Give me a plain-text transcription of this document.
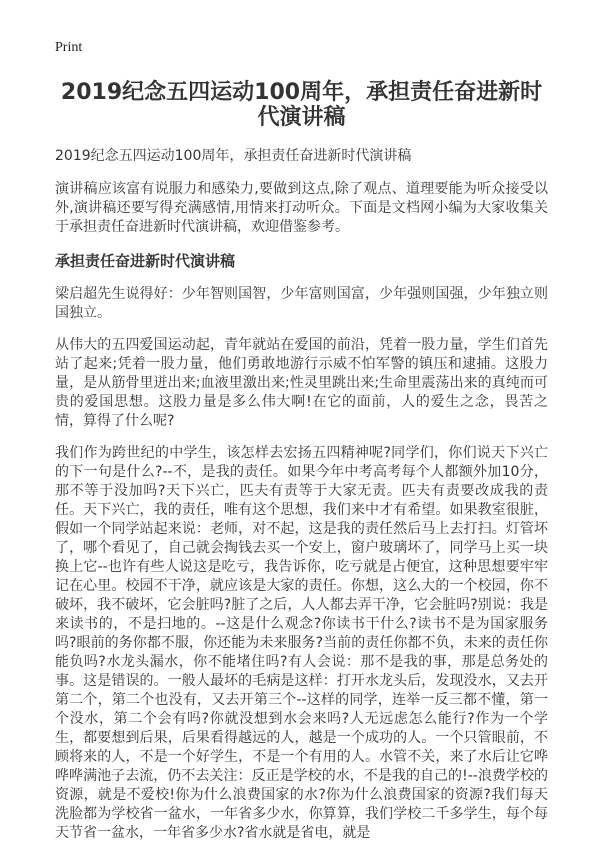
Print
2019纪念五四运动100周年，承担责任奋进新时代演讲稿
2019纪念五四运动100周年，承担责任奋进新时代演讲稿

演讲稿应该富有说服力和感染力,要做到这点,除了观点、道理要能为听众接受以外,演讲稿还要写得充满感情,用情来打动听众。下面是文档网小编为大家收集关于承担责任奋进新时代演讲稿，欢迎借鉴参考。

承担责任奋进新时代演讲稿

梁启超先生说得好：少年智则国智，少年富则国富，少年强则国强，少年独立则国独立。

从伟大的五四爱国运动起，青年就站在爱国的前沿，凭着一股力量，学生们首先站了起来;凭着一股力量，他们勇敢地游行示威不怕军警的镇压和逮捕。这股力量，是从筋骨里迸出来;血液里激出来;性灵里跳出来;生命里震荡出来的真纯而可贵的爱国思想。这股力量是多么伟大啊!在它的面前，人的爱生之念，畏苦之情，算得了什么呢?

我们作为跨世纪的中学生，该怎样去宏扬五四精神呢?同学们，你们说天下兴亡的下一句是什么?--不，是我的责任。如果今年中考高考每个人都额外加10分，那不等于没加吗?天下兴亡，匹夫有责等于大家无责。匹夫有责要改成我的责任。天下兴亡，我的责任，唯有这个思想，我们来中才有希望。如果教室很脏，假如一个同学站起来说：老师，对不起，这是我的责任然后马上去打扫。灯管坏了，哪个看见了，自己就会掏钱去买一个安上，窗户玻璃坏了，同学马上买一块换上它--也许有些人说这是吃亏，我告诉你，吃亏就是占便宜，这种思想要牢牢记在心里。校园不干净，就应该是大家的责任。你想，这么大的一个校园，你不破坏，我不破坏，它会脏吗?脏了之后，人人都去弄干净，它会脏吗?别说：我是来读书的，不是扫地的。--这是什么观念?你读书干什么?读书不是为国家服务吗?眼前的务你都不服，你还能为未来服务?当前的责任你都不负，未来的责任你能负吗?水龙头漏水，你不能堵住吗?有人会说：那不是我的事，那是总务处的事。这是错误的。一般人最坏的毛病是这样：打开水龙头后，发现没水，又去开第二个，第二个也没有，又去开第三个--这样的同学，连举一反三都不懂，第一个没水，第二个会有吗?你就没想到水会来吗?人无远虑怎么能行?作为一个学生，都要想到后果，后果看得越远的人，越是一个成功的人。一个只管眼前，不顾将来的人，不是一个好学生，不是一个有用的人。水管不关，来了水后让它哗哗哗满池子去流，仍不去关注：反正是学校的水，不是我的自己的!--浪费学校的资源，就是不爱校!你为什么浪费国家的水?你为什么浪费国家的资源?我们每天洗脸都为学校省一盆水，一年省多少水，你算算，我们学校二千多学生，每个每天节省一盆水，一年省多少水?省水就是省电，就是
